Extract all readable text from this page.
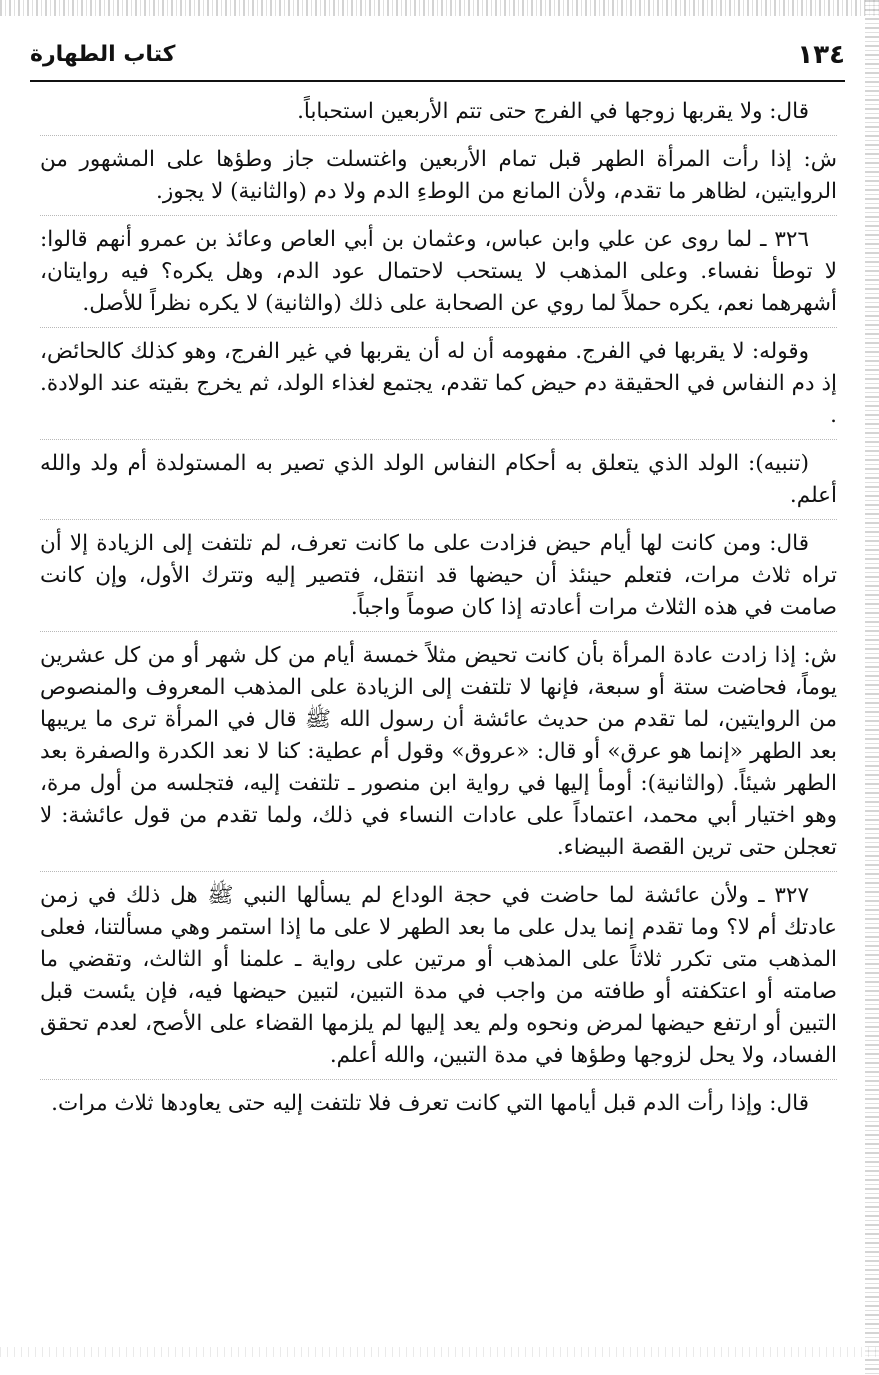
١٣٤
كتاب الطهارة

قال: ولا يقربها زوجها في الفرج حتى تتم الأربعين استحباباً.

ش: إذا رأت المرأة الطهر قبل تمام الأربعين واغتسلت جاز وطؤها على المشهور من الروايتين، لظاهر ما تقدم، ولأن المانع من الوطءِ الدم ولا دم (والثانية) لا يجوز.

٣٢٦ ـ لما روى عن علي وابن عباس، وعثمان بن أبي العاص وعائذ بن عمرو أنهم قالوا: لا توطأ نفساء. وعلى المذهب لا يستحب لاحتمال عود الدم، وهل يكره؟ فيه روايتان، أشهرهما نعم، يكره حملاً لما روي عن الصحابة على ذلك (والثانية) لا يكره نظراً للأصل.

وقوله: لا يقربها في الفرج. مفهومه أن له أن يقربها في غير الفرج، وهو كذلك كالحائض، إذ دم النفاس في الحقيقة دم حيض كما تقدم، يجتمع لغذاء الولد، ثم يخرج بقيته عند الولادة. .

(تنبيه): الولد الذي يتعلق به أحكام النفاس الولد الذي تصير به المستولدة أم ولد والله أعلم.

قال: ومن كانت لها أيام حيض فزادت على ما كانت تعرف، لم تلتفت إلى الزيادة إلا أن تراه ثلاث مرات، فتعلم حينئذ أن حيضها قد انتقل، فتصير إليه وتترك الأول، وإن كانت صامت في هذه الثلاث مرات أعادته إذا كان صوماً واجباً.

ش: إذا زادت عادة المرأة بأن كانت تحيض مثلاً خمسة أيام من كل شهر أو من كل عشرين يوماً، فحاضت ستة أو سبعة، فإنها لا تلتفت إلى الزيادة على المذهب المعروف والمنصوص من الروايتين، لما تقدم من حديث عائشة أن رسول الله ﷺ قال في المرأة ترى ما يريبها بعد الطهر «إنما هو عرق» أو قال: «عروق» وقول أم عطية: كنا لا نعد الكدرة والصفرة بعد الطهر شيئاً. (والثانية): أومأ إليها في رواية ابن منصور ـ تلتفت إليه، فتجلسه من أول مرة، وهو اختيار أبي محمد، اعتماداً على عادات النساء في ذلك، ولما تقدم من قول عائشة: لا تعجلن حتى ترين القصة البيضاء.

٣٢٧ ـ ولأن عائشة لما حاضت في حجة الوداع لم يسألها النبي ﷺ هل ذلك في زمن عادتك أم لا؟ وما تقدم إنما يدل على ما بعد الطهر لا على ما إذا استمر وهي مسألتنا، فعلى المذهب متى تكرر ثلاثاً على المذهب أو مرتين على رواية ـ علمنا أو الثالث، وتقضي ما صامته أو اعتكفته أو طافته من واجب في مدة التبين، لتبين حيضها فيه، فإن يئست قبل التبين أو ارتفع حيضها لمرض ونحوه ولم يعد إليها لم يلزمها القضاء على الأصح، لعدم تحقق الفساد، ولا يحل لزوجها وطؤها في مدة التبين، والله أعلم.

قال: وإذا رأت الدم قبل أيامها التي كانت تعرف فلا تلتفت إليه حتى يعاودها ثلاث مرات.
